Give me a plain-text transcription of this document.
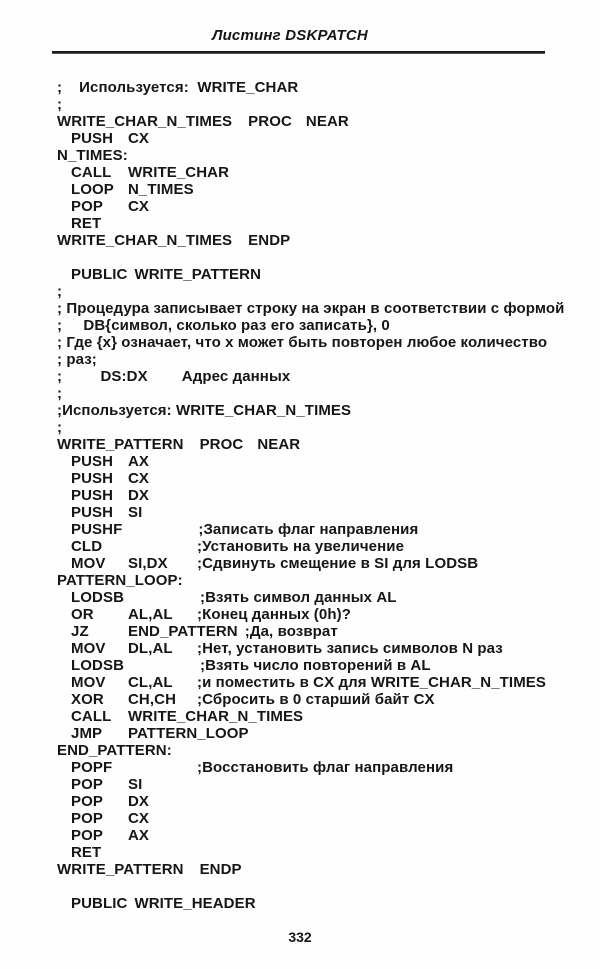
Листинг DSKPATCH
;    Используется:  WRITE_CHAR
;
WRITE_CHAR_N_TIMES PROC NEAR
PUSH CX
N_TIMES:
CALL WRITE_CHAR
LOOP N_TIMES
POP CX
RET
WRITE_CHAR_N_TIMES ENDP
PUBLIC WRITE_PATTERN
;
; Процедура записывает строку на экран в соответствии с формой
;     DB{символ, сколько раз его записать}, 0
; Где {x} означает, что x может быть повторен любое количество
; раз;
;         DS:DX        Адрес данных
;
;Используется: WRITE_CHAR_N_TIMES
;
WRITE_PATTERN PROC NEAR
PUSH AX
PUSH CX
PUSH DX
PUSH SI
PUSHF	;Записать флаг направления
CLD	;Установить на увеличение
MOV SI,DX ;Сдвинуть смещение в SI для LODSB
PATTERN_LOOP:
LODSB	;Взять символ данных AL
OR AL,AL ;Конец данных (0h)?
JZ	END_PATTERN ;Да, возврат
MOV DL,AL ;Нет, установить запись символов N раз
LODSB	;Взять число повторений в AL
MOV CL,AL ;и поместить в CX для WRITE_CHAR_N_TIMES
XOR CH,CH ;Сбросить в 0 старший байт CX
CALL WRITE_CHAR_N_TIMES
JMP PATTERN_LOOP
END_PATTERN:
POPF	;Восстановить флаг направления
POP SI
POP DX
POP CX
POP AX
RET
WRITE_PATTERN ENDP
PUBLIC WRITE_HEADER
332
